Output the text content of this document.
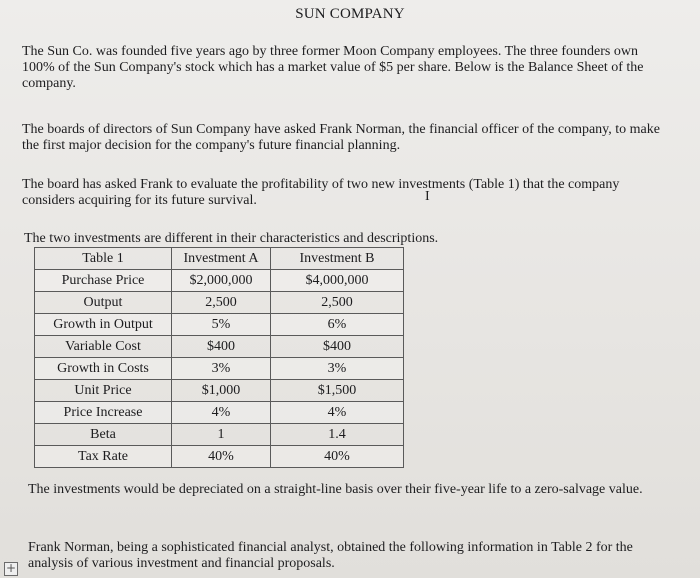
SUN COMPANY
The Sun Co. was founded five years ago by three former Moon Company employees. The three founders own 100% of the Sun Company's stock which has a market value of $5 per share. Below is the Balance Sheet of the company.
The boards of directors of Sun Company have asked Frank Norman, the financial officer of the company, to make the first major decision for the company's future financial planning.
The board has asked Frank to evaluate the profitability of two new investments (Table 1) that the company considers acquiring for its future survival.	I
The two investments are different in their characteristics and descriptions.
Table 1	Investment A	Investment B
Purchase Price	$2,000,000	$4,000,000
Output	2,500	2,500
Growth in Output	5%	6%
Variable Cost	$400	$400
Growth in Costs	3%	3%
Unit Price	$1,000	$1,500
Price Increase	4%	4%
Beta	1	1.4
Tax Rate	40%	40%
The investments would be depreciated on a straight-line basis over their five-year life to a zero-salvage value.
Frank Norman, being a sophisticated financial analyst, obtained the following information in Table 2 for the analysis of various investment and financial proposals.
+
